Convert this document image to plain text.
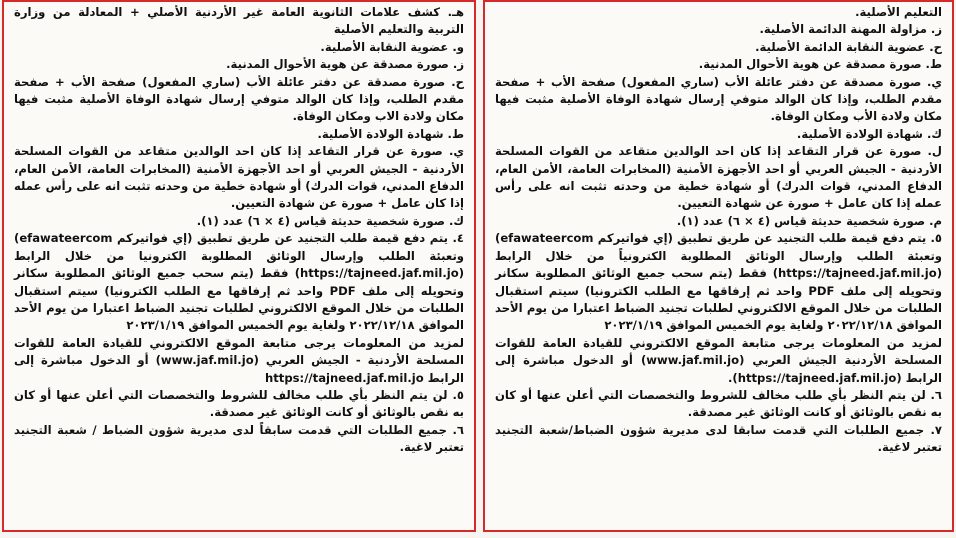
هـ. كشف علامات الثانوية العامة غير الأردنية الأصلي + المعادلة من وزارة التربية والتعليم الأصلية

و. عضوية النقابة الأصلية.

ز. صورة مصدقة عن هوية الأحوال المدنية.

ح. صورة مصدقة عن دفتر عائلة الأب (ساري المفعول) صفحة الأب + صفحة مقدم الطلب، وإذا كان الوالد متوفي إرسال شهادة الوفاة الأصلية مثبت فيها مكان ولادة الاب ومكان الوفاة.

ط. شهادة الولادة الأصلية.

ي. صورة عن قرار التقاعد إذا كان احد الوالدين متقاعد من القوات المسلحة الأردنية - الجيش العربي أو احد الأجهزة الأمنية (المخابرات العامة، الأمن العام، الدفاع المدني، قوات الدرك) أو شهادة خطية من وحدته تثبت انه على رأس عمله إذا كان عامل + صورة عن شهادة التعيين.

ك. صورة شخصية حديثة قياس (٤ × ٦) عدد (١).

٤. يتم دفع قيمة طلب التجنيد عن طريق تطبيق (إي فواتيركم efawateercom) وتعبئة الطلب وإرسال الوثائق المطلوبة الكترونيا من خلال الرابط (https://tajneed.jaf.mil.jo) فقط (يتم سحب جميع الوثائق المطلوبة سكانر وتحويله إلى ملف PDF واحد ثم إرفاقها مع الطلب الكترونيا) سيتم استقبال الطلبات من خلال الموقع الالكتروني لطلبات تجنيد الضباط اعتبارا من يوم الأحد الموافق ٢٠٢٢/١٢/١٨ ولغاية يوم الخميس الموافق ٢٠٢٣/١/١٩

لمزيد من المعلومات يرجى متابعة الموقع الالكتروني للقيادة العامة للقوات المسلحة الأردنية - الجيش العربي (www.jaf.mil.jo) أو الدخول مباشرة إلى الرابط https://tajneed.jaf.mil.jo

٥. لن يتم النظر بأي طلب مخالف للشروط والتخصصات التي أعلن عنها أو كان به نقص بالوثائق أو كانت الوثائق غير مصدقة.

٦. جميع الطلبات التي قدمت سابقاً لدى مديرية شؤون الضباط / شعبة التجنيد تعتبر لاغية.

التعليم الأصلية.

ز. مزاولة المهنة الدائمة الأصلية.

ح. عضوية النقابة الدائمة الأصلية.

ط. صورة مصدقة عن هوية الأحوال المدنية.

ي. صورة مصدقة عن دفتر عائلة الأب (ساري المفعول) صفحة الأب + صفحة مقدم الطلب، وإذا كان الوالد متوفي إرسال شهادة الوفاة الأصلية مثبت فيها مكان ولادة الأب ومكان الوفاة.

ك. شهادة الولادة الأصلية.

ل. صورة عن قرار التقاعد إذا كان احد الوالدين متقاعد من القوات المسلحة الأردنية - الجيش العربي أو احد الأجهزة الأمنية (المخابرات العامة، الأمن العام، الدفاع المدني، قوات الدرك) أو شهادة خطية من وحدته تثبت انه على رأس عمله إذا كان عامل + صورة عن شهادة التعيين.

م. صورة شخصية حديثة قياس (٤ × ٦) عدد (١).

٥. يتم دفع قيمة طلب التجنيد عن طريق تطبيق (إي فواتيركم efawateercom) وتعبئة الطلب وإرسال الوثائق المطلوبة الكترونياً من خلال الرابط (https://tajneed.jaf.mil.jo) فقط (يتم سحب جميع الوثائق المطلوبة سكانر وتحويله إلى ملف PDF واحد ثم إرفاقها مع الطلب الكترونيا) سيتم استقبال الطلبات من خلال الموقع الالكتروني لطلبات تجنيد الضباط اعتبارا من يوم الأحد الموافق ٢٠٢٢/١٢/١٨ ولغاية يوم الخميس الموافق ٢٠٢٣/١/١٩

لمزيد من المعلومات يرجى متابعة الموقع الالكتروني للقيادة العامة للقوات المسلحة الأردنية الجيش العربي (www.jaf.mil.jo) أو الدخول مباشرة إلى الرابط (https://tajneed.jaf.mil.jo).

٦. لن يتم النظر بأي طلب مخالف للشروط والتخصصات التي أعلن عنها أو كان به نقص بالوثائق أو كانت الوثائق غير مصدقة.

٧. جميع الطلبات التي قدمت سابقا لدى مديرية شؤون الضباط/شعبة التجنيد تعتبر لاغية.
